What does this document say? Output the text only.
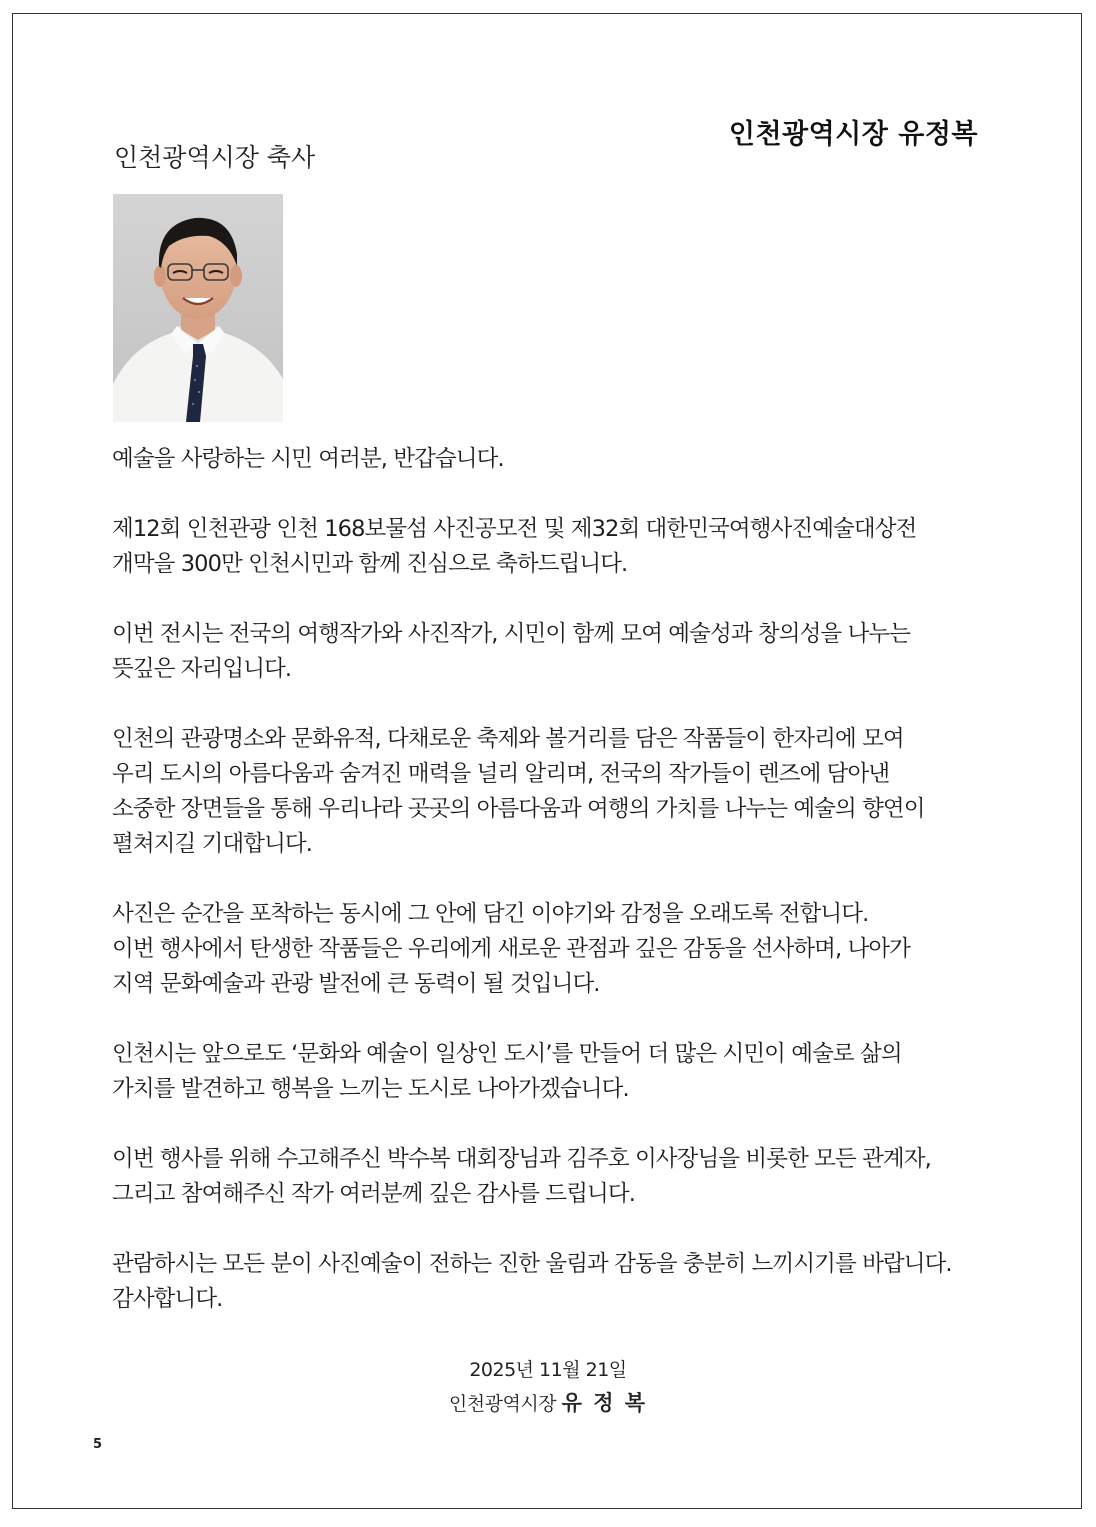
인천광역시장 유정복
인천광역시장 축사

예술을 사랑하는 시민 여러분, 반갑습니다.

제12회 인천관광 인천 168보물섬 사진공모전 및 제32회 대한민국여행사진예술대상전
개막을 300만 인천시민과 함께 진심으로 축하드립니다.

이번 전시는 전국의 여행작가와 사진작가, 시민이 함께 모여 예술성과 창의성을 나누는
뜻깊은 자리입니다.

인천의 관광명소와 문화유적, 다채로운 축제와 볼거리를 담은 작품들이 한자리에 모여
우리 도시의 아름다움과 숨겨진 매력을 널리 알리며, 전국의 작가들이 렌즈에 담아낸
소중한 장면들을 통해 우리나라 곳곳의 아름다움과 여행의 가치를 나누는 예술의 향연이
펼쳐지길 기대합니다.

사진은 순간을 포착하는 동시에 그 안에 담긴 이야기와 감정을 오래도록 전합니다.
이번 행사에서 탄생한 작품들은 우리에게 새로운 관점과 깊은 감동을 선사하며, 나아가
지역 문화예술과 관광 발전에 큰 동력이 될 것입니다.

인천시는 앞으로도 ‘문화와 예술이 일상인 도시’를 만들어 더 많은 시민이 예술로 삶의
가치를 발견하고 행복을 느끼는 도시로 나아가겠습니다.

이번 행사를 위해 수고해주신 박수복 대회장님과 김주호 이사장님을 비롯한 모든 관계자,
그리고 참여해주신 작가 여러분께 깊은 감사를 드립니다.

관람하시는 모든 분이 사진예술이 전하는 진한 울림과 감동을 충분히 느끼시기를 바랍니다.
감사합니다.

2025년 11월 21일
인천광역시장 유 정 복
5
